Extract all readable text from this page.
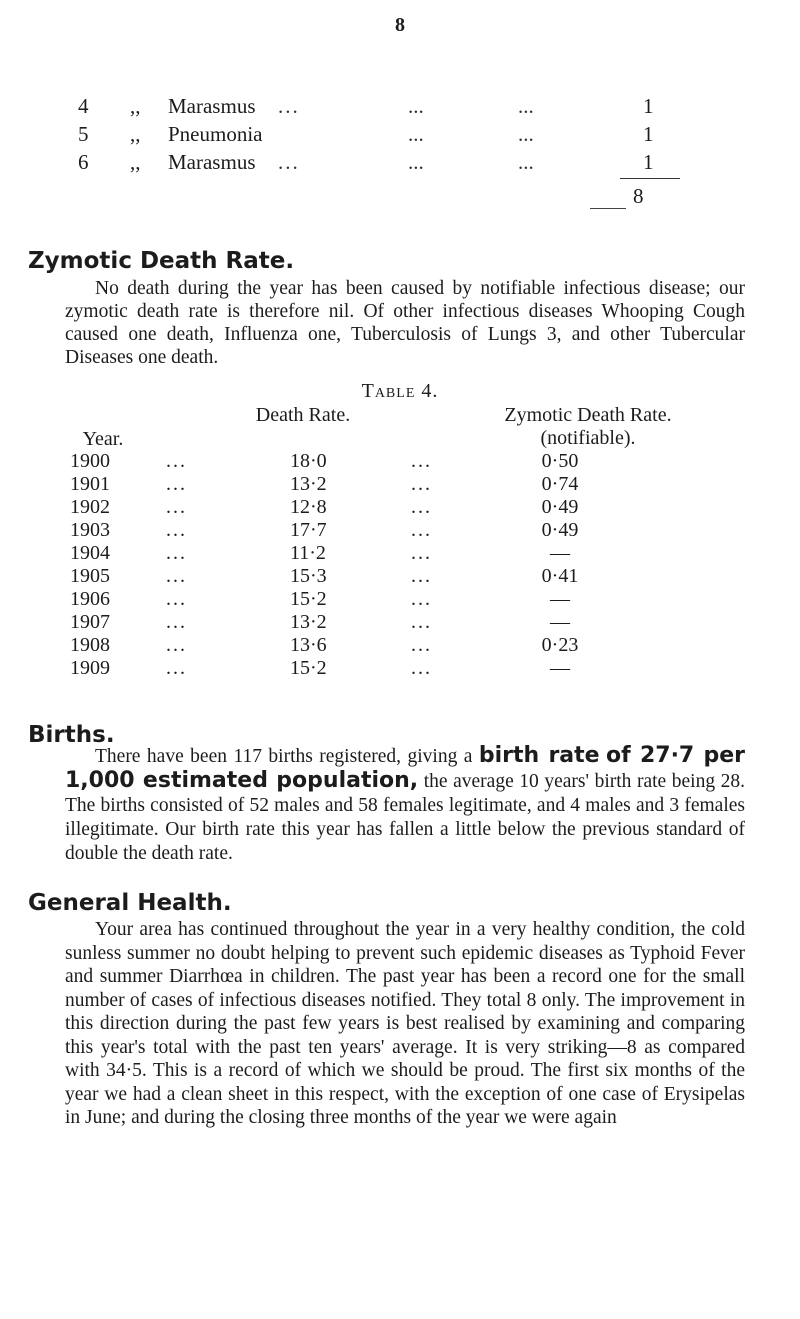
8
4 ,, Marasmus ...	...	...	1
5 ,, Pneumonia	...	...	1
6 ,, Marasmus ...	...	...	1
8
Zymotic Death Rate.
No death during the year has been caused by notifiable infectious disease; our zymotic death rate is therefore nil. Of other infectious diseases Whooping Cough caused one death, Influenza one, Tuberculosis of Lungs 3, and other Tubercular Diseases one death.
Table 4.
Year.
Death Rate.	Zymotic Death Rate.
(notifiable).
1900	...	18·0	...	0·50
1901	...	13·2	...	0·74
1902	...	12·8	...	0·49
1903	...	17·7	...	0·49
1904	...	11·2	...	—
1905	...	15·3	...	0·41
1906	...	15·2	...	—
1907	...	13·2	...	—
1908	...	13·6	...	0·23
1909	...	15·2	...	—
Births.
There have been 117 births registered, giving a birth rate of 27·7 per 1,000 estimated population, the average 10 years' birth rate being 28. The births consisted of 52 males and 58 females legitimate, and 4 males and 3 females illegitimate. Our birth rate this year has fallen a little below the previous standard of double the death rate.
General Health.
Your area has continued throughout the year in a very healthy condition, the cold sunless summer no doubt helping to prevent such epidemic diseases as Typhoid Fever and summer Diarrhœa in children. The past year has been a record one for the small number of cases of infectious diseases notified. They total 8 only. The improvement in this direction during the past few years is best realised by examining and comparing this year's total with the past ten years' average. It is very striking—8 as compared with 34·5. This is a record of which we should be proud. The first six months of the year we had a clean sheet in this respect, with the exception of one case of Erysipelas in June; and during the closing three months of the year we were again
